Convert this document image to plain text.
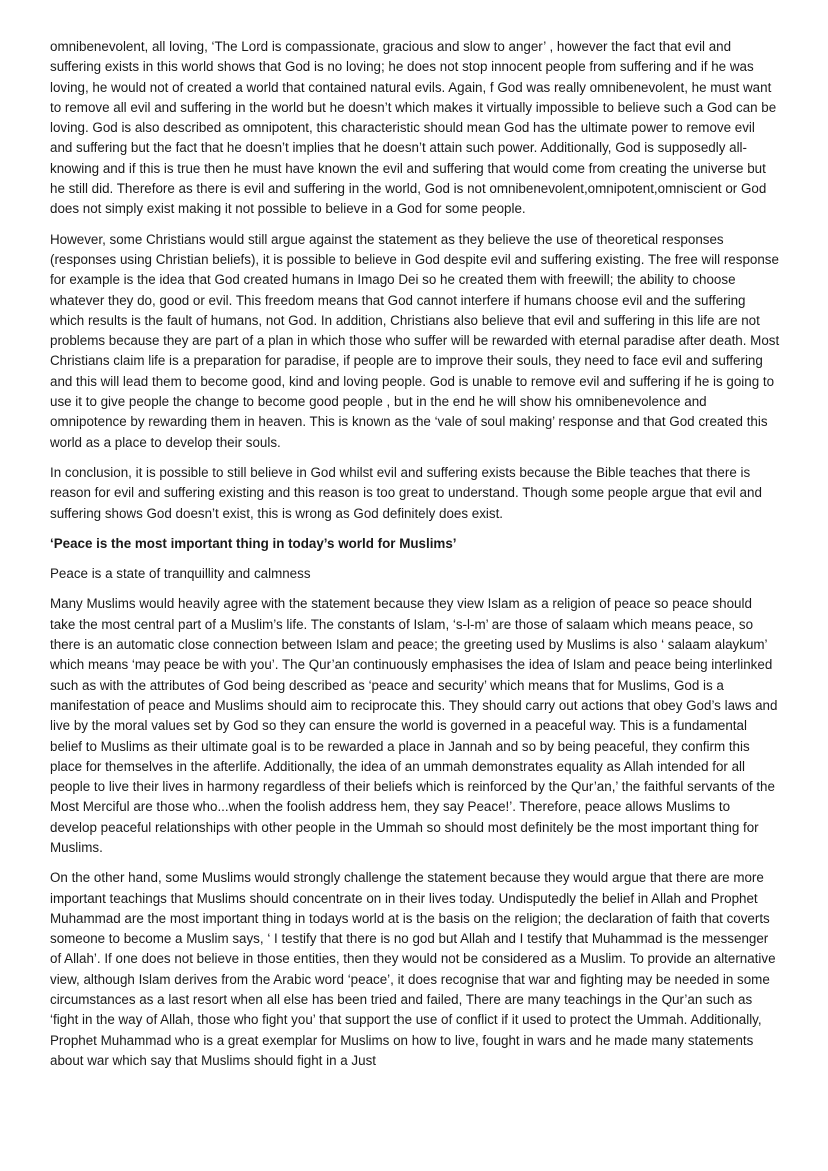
omnibenevolent, all loving, ‘The Lord is compassionate, gracious and slow to anger’ , however the fact that evil and suffering exists in this world shows that God is no loving; he does not stop innocent people from suffering and if he was loving, he would not of created a world that contained natural evils. Again, f God was really omnibenevolent, he must want to remove all evil and suffering in the world but he doesn’t which makes it virtually impossible to believe such a God can be loving. God is also described as omnipotent, this characteristic should mean God has the ultimate power to remove evil and suffering but the fact that he doesn’t implies that he doesn’t attain such power. Additionally, God is supposedly all-knowing and if this is true then he must have known the evil and suffering that would come from creating the universe but he still did. Therefore as there is evil and suffering in the world, God is not omnibenevolent,omnipotent,omniscient or God does not simply exist making it not possible to believe in a God for some people.

However, some Christians would still argue against the statement as they believe the use of theoretical responses (responses using Christian beliefs), it is possible to believe in God despite evil and suffering existing. The free will response for example is the idea that God created humans in Imago Dei so he created them with freewill; the ability to choose whatever they do, good or evil. This freedom means that God cannot interfere if humans choose evil and the suffering which results is the fault of humans, not God. In addition, Christians also believe that evil and suffering in this life are not problems because they are part of a plan in which those who suffer will be rewarded with eternal paradise after death. Most Christians claim life is a preparation for paradise, if people are to improve their souls, they need to face evil and suffering and this will lead them to become good, kind and loving people. God is unable to remove evil and suffering if he is going to use it to give people the change to become good people , but in the end he will show his omnibenevolence and omnipotence by rewarding them in heaven. This is known as the ‘vale of soul making’ response and that God created this world as a place to develop their souls.

In conclusion, it is possible to still believe in God whilst evil and suffering exists because the Bible teaches that there is reason for evil and suffering existing and this reason is too great to understand. Though some people argue that evil and suffering shows God doesn’t exist, this is wrong as God definitely does exist.

‘Peace is the most important thing in today’s world for Muslims’

Peace is a state of tranquillity and calmness

Many Muslims would heavily agree with the statement because they view Islam as a religion of peace so peace should take the most central part of a Muslim’s life. The constants of Islam, ‘s-l-m’ are those of salaam which means peace, so there is an automatic close connection between Islam and peace; the greeting used by Muslims is also ‘ salaam alaykum’ which means ‘may peace be with you’. The Qur’an continuously emphasises the idea of Islam and peace being interlinked such as with the attributes of God being described as ‘peace and security’ which means that for Muslims, God is a manifestation of peace and Muslims should aim to reciprocate this. They should carry out actions that obey God’s laws and live by the moral values set by God so they can ensure the world is governed in a peaceful way. This is a fundamental belief to Muslims as their ultimate goal is to be rewarded a place in Jannah and so by being peaceful, they confirm this place for themselves in the afterlife. Additionally, the idea of an ummah demonstrates equality as Allah intended for all people to live their lives in harmony regardless of their beliefs which is reinforced by the Qur’an,’ the faithful servants of the Most Merciful are those who...when the foolish address hem, they say Peace!’. Therefore, peace allows Muslims to develop peaceful relationships with other people in the Ummah so should most definitely be the most important thing for Muslims.

On the other hand, some Muslims would strongly challenge the statement because they would argue that there are more important teachings that Muslims should concentrate on in their lives today. Undisputedly the belief in Allah and Prophet Muhammad are the most important thing in todays world at is the basis on the religion; the declaration of faith that coverts someone to become a Muslim says, ‘ I testify that there is no god but Allah and I testify that Muhammad is the messenger of Allah’. If one does not believe in those entities, then they would not be considered as a Muslim. To provide an alternative view, although Islam derives from the Arabic word ‘peace’, it does recognise that war and fighting may be needed in some circumstances as a last resort when all else has been tried and failed, There are many teachings in the Qur’an such as ‘fight in the way of Allah, those who fight you’ that support the use of conflict if it used to protect the Ummah. Additionally, Prophet Muhammad who is a great exemplar for Muslims on how to live, fought in wars and he made many statements about war which say that Muslims should fight in a Just
